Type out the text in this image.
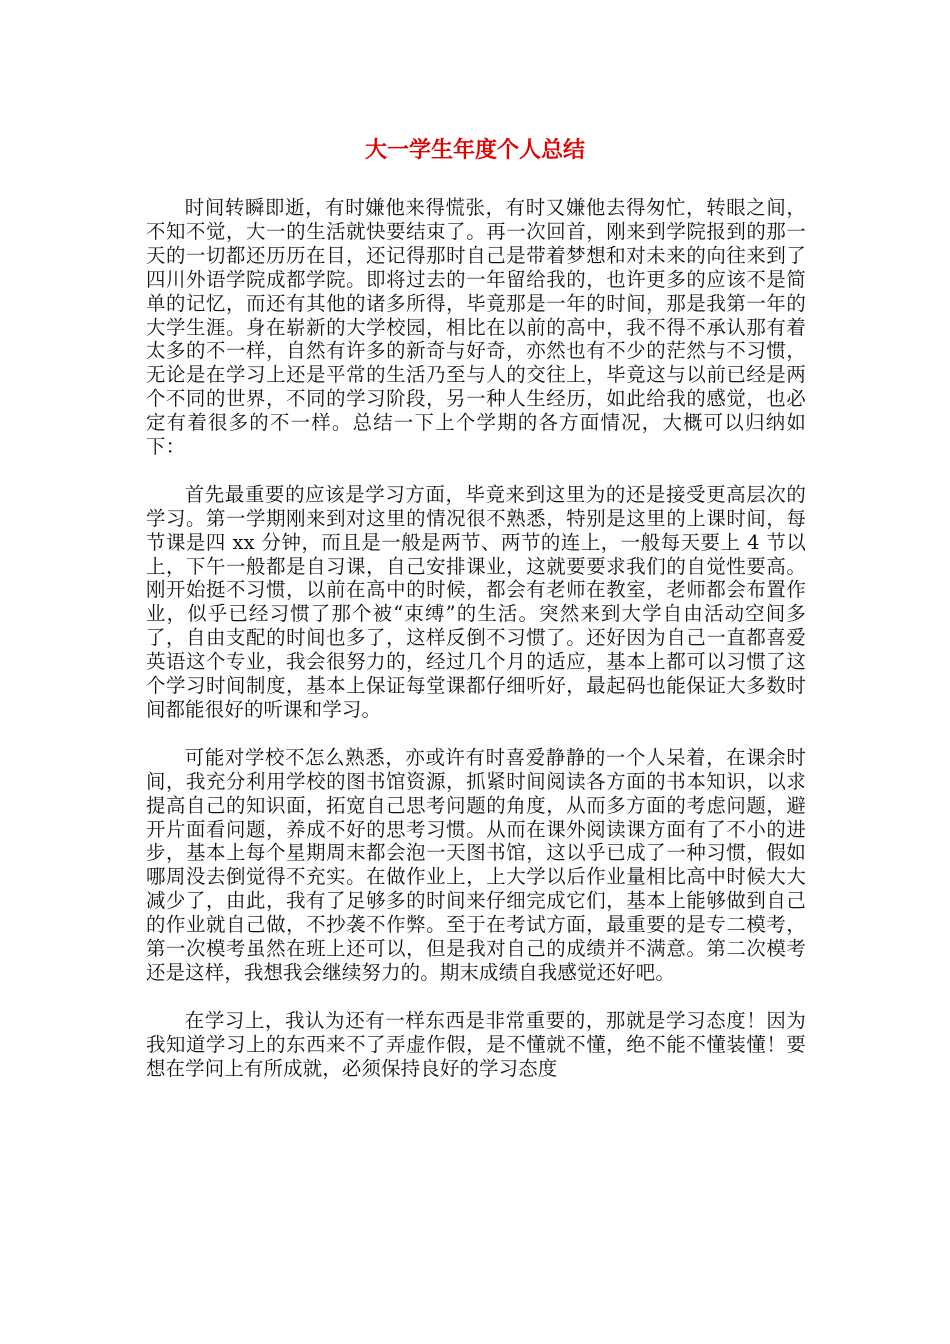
大一学生年度个人总结

时间转瞬即逝，有时嫌他来得慌张，有时又嫌他去得匆忙，转眼之间，不知不觉，大一的生活就快要结束了。再一次回首，刚来到学院报到的那一天的一切都还历历在目，还记得那时自己是带着梦想和对未来的向往来到了四川外语学院成都学院。即将过去的一年留给我的，也许更多的应该不是简单的记忆，而还有其他的诸多所得，毕竟那是一年的时间，那是我第一年的大学生涯。身在崭新的大学校园，相比在以前的高中，我不得不承认那有着太多的不一样，自然有许多的新奇与好奇，亦然也有不少的茫然与不习惯，无论是在学习上还是平常的生活乃至与人的交往上，毕竟这与以前已经是两个不同的世界，不同的学习阶段，另一种人生经历，如此给我的感觉，也必定有着很多的不一样。总结一下上个学期的各方面情况，大概可以归纳如下：

首先最重要的应该是学习方面，毕竟来到这里为的还是接受更高层次的学习。第一学期刚来到对这里的情况很不熟悉，特别是这里的上课时间，每节课是四 xx 分钟，而且是一般是两节、两节的连上，一般每天要上 4 节以上，下午一般都是自习课，自己安排课业，这就要要求我们的自觉性要高。刚开始挺不习惯，以前在高中的时候，都会有老师在教室，老师都会布置作业，似乎已经习惯了那个被“束缚”的生活。突然来到大学自由活动空间多了，自由支配的时间也多了，这样反倒不习惯了。还好因为自己一直都喜爱英语这个专业，我会很努力的，经过几个月的适应，基本上都可以习惯了这个学习时间制度，基本上保证每堂课都仔细听好，最起码也能保证大多数时间都能很好的听课和学习。

可能对学校不怎么熟悉，亦或许有时喜爱静静的一个人呆着，在课余时间，我充分利用学校的图书馆资源，抓紧时间阅读各方面的书本知识，以求提高自己的知识面，拓宽自己思考问题的角度，从而多方面的考虑问题，避开片面看问题，养成不好的思考习惯。从而在课外阅读课方面有了不小的进步，基本上每个星期周末都会泡一天图书馆，这以乎已成了一种习惯，假如哪周没去倒觉得不充实。在做作业上，上大学以后作业量相比高中时候大大减少了，由此，我有了足够多的时间来仔细完成它们，基本上能够做到自己的作业就自己做，不抄袭不作弊。至于在考试方面，最重要的是专二模考，第一次模考虽然在班上还可以，但是我对自己的成绩并不满意。第二次模考还是这样，我想我会继续努力的。期末成绩自我感觉还好吧。

在学习上，我认为还有一样东西是非常重要的，那就是学习态度！因为我知道学习上的东西来不了弄虚作假，是不懂就不懂，绝不能不懂装懂！要想在学问上有所成就，必须保持良好的学习态度
